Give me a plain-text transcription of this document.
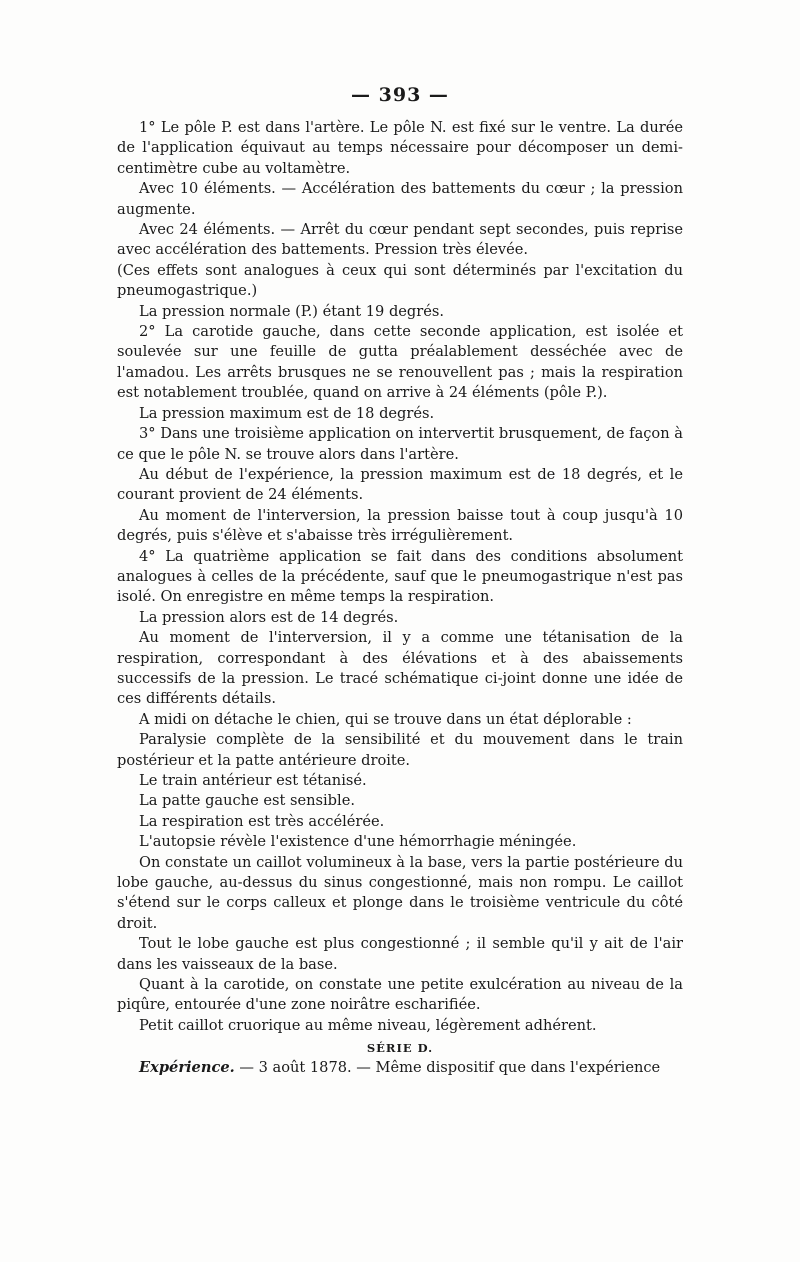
— 393 —

1° Le pôle P. est dans l'artère. Le pôle N. est fixé sur le ventre. La durée de l'application équivaut au temps nécessaire pour décomposer un demi-centimètre cube au voltamètre.

Avec 10 éléments. — Accélération des battements du cœur ; la pression augmente.

Avec 24 éléments. — Arrêt du cœur pendant sept secondes, puis reprise avec accélération des battements. Pression très élevée.

(Ces effets sont analogues à ceux qui sont déterminés par l'excitation du pneumogastrique.)

La pression normale (P.) étant 19 degrés.

2° La carotide gauche, dans cette seconde application, est isolée et soulevée sur une feuille de gutta préalablement desséchée avec de l'amadou. Les arrêts brusques ne se renouvellent pas ; mais la respiration est notablement troublée, quand on arrive à 24 éléments (pôle P.).

La pression maximum est de 18 degrés.

3° Dans une troisième application on intervertit brusquement, de façon à ce que le pôle N. se trouve alors dans l'artère.

Au début de l'expérience, la pression maximum est de 18 degrés, et le courant provient de 24 éléments.

Au moment de l'interversion, la pression baisse tout à coup jusqu'à 10 degrés, puis s'élève et s'abaisse très irrégulièrement.

4° La quatrième application se fait dans des conditions absolument analogues à celles de la précédente, sauf que le pneumogastrique n'est pas isolé. On enregistre en même temps la respiration.

La pression alors est de 14 degrés.

Au moment de l'interversion, il y a comme une tétanisation de la respiration, correspondant à des élévations et à des abaissements successifs de la pression. Le tracé schématique ci-joint donne une idée de ces différents détails.

A midi on détache le chien, qui se trouve dans un état déplorable :

Paralysie complète de la sensibilité et du mouvement dans le train postérieur et la patte antérieure droite.

Le train antérieur est tétanisé.

La patte gauche est sensible.

La respiration est très accélérée.

L'autopsie révèle l'existence d'une hémorrhagie méningée.

On constate un caillot volumineux à la base, vers la partie postérieure du lobe gauche, au-dessus du sinus congestionné, mais non rompu. Le caillot s'étend sur le corps calleux et plonge dans le troisième ventricule du côté droit.

Tout le lobe gauche est plus congestionné ; il semble qu'il y ait de l'air dans les vaisseaux de la base.

Quant à la carotide, on constate une petite exulcération au niveau de la piqûre, entourée d'une zone noirâtre escharifiée.

Petit caillot cruorique au même niveau, légèrement adhérent.

SÉRIE D.

Expérience. — 3 août 1878. — Même dispositif que dans l'expérience
